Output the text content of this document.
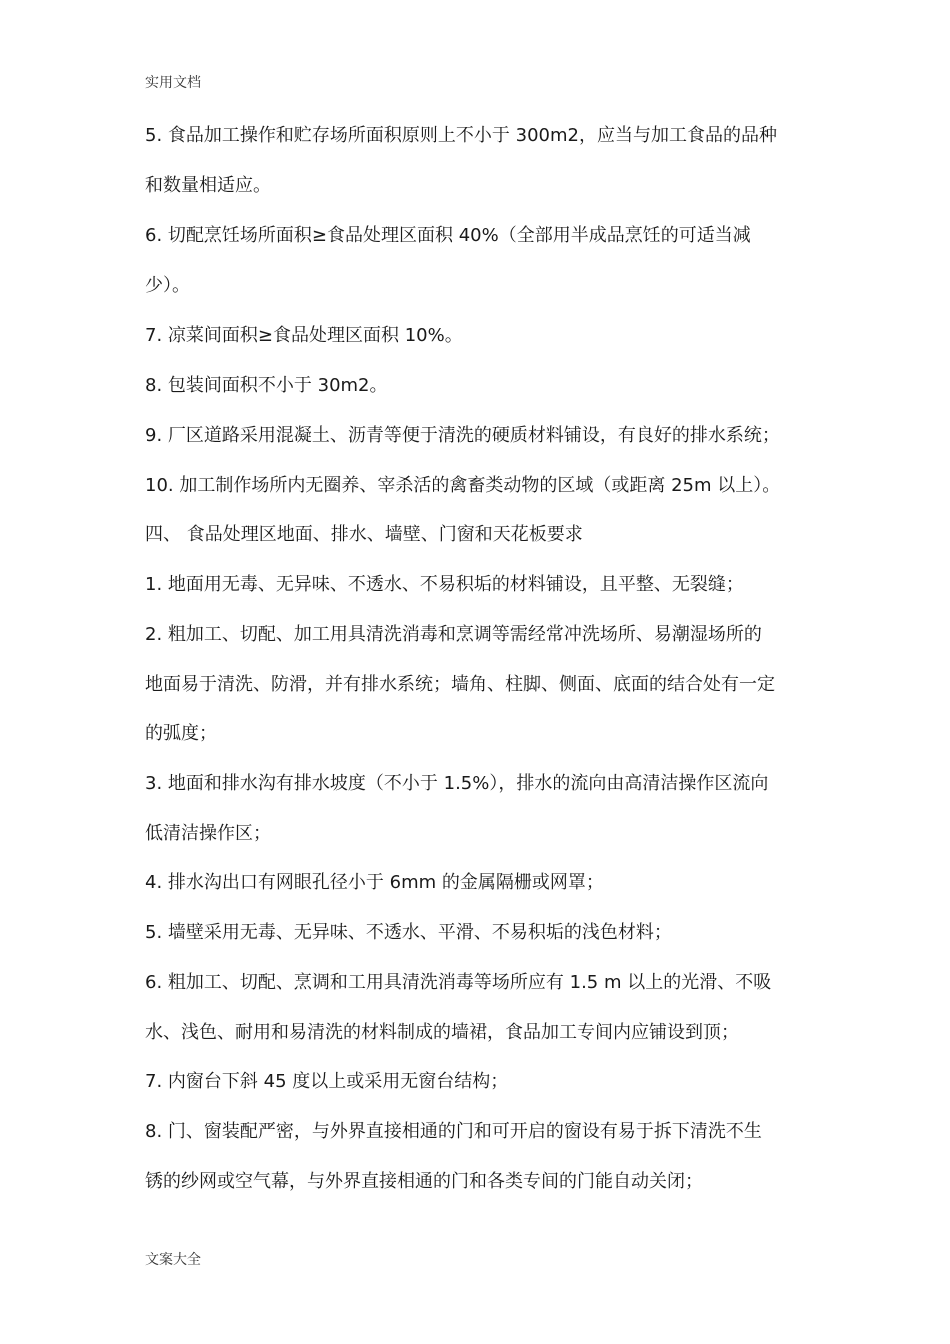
实用文档
5. 食品加工操作和贮存场所面积原则上不小于 300m2，应当与加工食品的品种
和数量相适应。
6. 切配烹饪场所面积≥食品处理区面积 40%（全部用半成品烹饪的可适当减
少）。
7. 凉菜间面积≥食品处理区面积 10%。
8. 包装间面积不小于 30m2。
9. 厂区道路采用混凝土、沥青等便于清洗的硬质材料铺设，有良好的排水系统；
10. 加工制作场所内无圈养、宰杀活的禽畜类动物的区域（或距离 25m 以上）。
四、 食品处理区地面、排水、墙壁、门窗和天花板要求
1. 地面用无毒、无异味、不透水、不易积垢的材料铺设，且平整、无裂缝；
2. 粗加工、切配、加工用具清洗消毒和烹调等需经常冲洗场所、易潮湿场所的
地面易于清洗、防滑，并有排水系统；墙角、柱脚、侧面、底面的结合处有一定
的弧度；
3. 地面和排水沟有排水坡度（不小于 1.5%），排水的流向由高清洁操作区流向
低清洁操作区；
4. 排水沟出口有网眼孔径小于 6mm 的金属隔栅或网罩；
5. 墙壁采用无毒、无异味、不透水、平滑、不易积垢的浅色材料；
6. 粗加工、切配、烹调和工用具清洗消毒等场所应有 1.5 m 以上的光滑、不吸
水、浅色、耐用和易清洗的材料制成的墙裙，食品加工专间内应铺设到顶；
7. 内窗台下斜 45 度以上或采用无窗台结构；
8. 门、窗装配严密，与外界直接相通的门和可开启的窗设有易于拆下清洗不生
锈的纱网或空气幕，与外界直接相通的门和各类专间的门能自动关闭；
文案大全
